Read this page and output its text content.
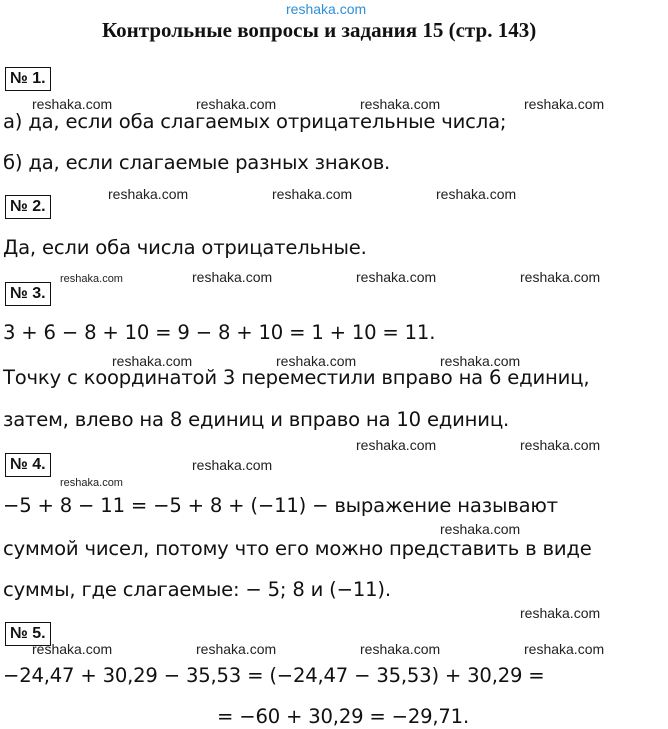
reshaka.com
Контрольные вопросы и задания 15 (стр. 143)
№ 1.
а) да, если оба слагаемых отрицательные числа;
б) да, если слагаемые разных знаков.
№ 2.
Да, если оба числа отрицательные.
№ 3.
3 + 6 − 8 + 10 = 9 − 8 + 10 = 1 + 10 = 11.
Точку с координатой 3 переместили вправо на 6 единиц,
затем, влево на 8 единиц и вправо на 10 единиц.
№ 4.
−5 + 8 − 11 = −5 + 8 + (−11) − выражение называют
суммой чисел, потому что его можно представить в виде
суммы, где слагаемые: − 5; 8 и (−11).
№ 5.
−24,47 + 30,29 − 35,53 = (−24,47 − 35,53) + 30,29 =
= −60 + 30,29 = −29,71.
reshaka.com	reshaka.com	reshaka.com	reshaka.com
reshaka.com	reshaka.com	reshaka.com
reshaka.com	reshaka.com	reshaka.com	reshaka.com
reshaka.com	reshaka.com	reshaka.com
reshaka.com	reshaka.com
reshaka.com
reshaka.com
reshaka.com
reshaka.com
reshaka.com	reshaka.com	reshaka.com	reshaka.com
